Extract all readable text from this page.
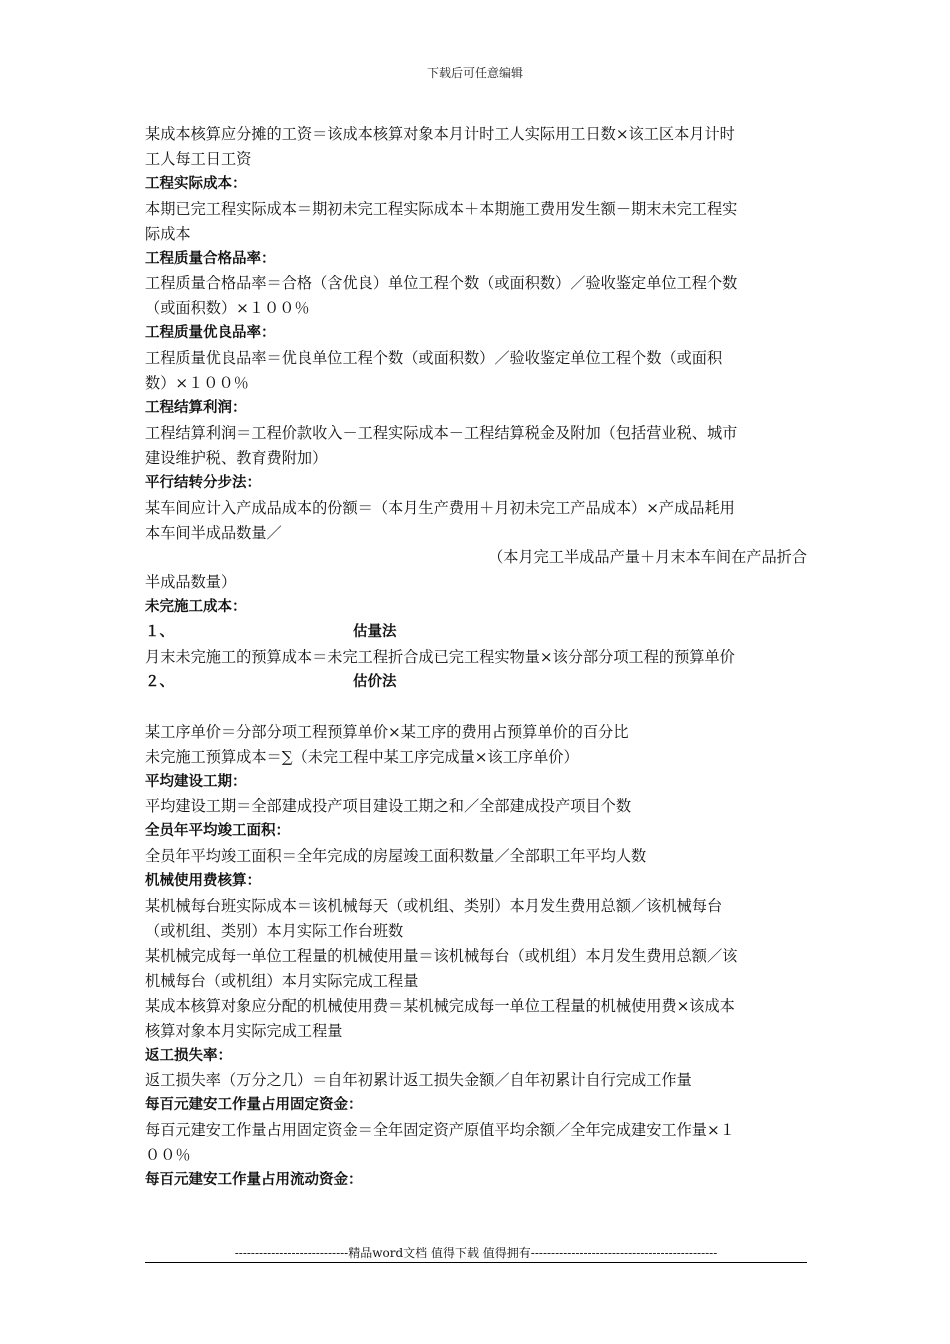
下载后可任意编辑
某成本核算应分摊的工资＝该成本核算对象本月计时工人实际用工日数×该工区本月计时
工人每工日工资
工程实际成本：
本期已完工程实际成本＝期初未完工程实际成本＋本期施工费用发生额－期末未完工程实
际成本
工程质量合格品率：
工程质量合格品率＝合格（含优良）单位工程个数（或面积数）／验收鉴定单位工程个数
（或面积数）×１００％
工程质量优良品率：
工程质量优良品率＝优良单位工程个数（或面积数）／验收鉴定单位工程个数（或面积
数）×１００％
工程结算利润：
工程结算利润＝工程价款收入－工程实际成本－工程结算税金及附加（包括营业税、城市
建设维护税、教育费附加）
平行结转分步法：
某车间应计入产成品成本的份额＝（本月生产费用＋月初未完工产品成本）×产成品耗用
本车间半成品数量／
（本月完工半成品产量＋月末本车间在产品折合
半成品数量）
未完施工成本：
１、	估量法
月末未完施工的预算成本＝未完工程折合成已完工程实物量×该分部分项工程的预算单价
２、	估价法
某工序单价＝分部分项工程预算单价×某工序的费用占预算单价的百分比
未完施工预算成本＝∑（未完工程中某工序完成量×该工序单价）
平均建设工期：
平均建设工期＝全部建成投产项目建设工期之和／全部建成投产项目个数
全员年平均竣工面积：
全员年平均竣工面积＝全年完成的房屋竣工面积数量／全部职工年平均人数
机械使用费核算：
某机械每台班实际成本＝该机械每天（或机组、类别）本月发生费用总额／该机械每台
（或机组、类别）本月实际工作台班数
某机械完成每一单位工程量的机械使用量＝该机械每台（或机组）本月发生费用总额／该
机械每台（或机组）本月实际完成工程量
某成本核算对象应分配的机械使用费＝某机械完成每一单位工程量的机械使用费×该成本
核算对象本月实际完成工程量
返工损失率：
返工损失率（万分之几）＝自年初累计返工损失金额／自年初累计自行完成工作量
每百元建安工作量占用固定资金：
每百元建安工作量占用固定资金＝全年固定资产原值平均余额／全年完成建安工作量×１
００％
每百元建安工作量占用流动资金：
----------------------------精品word文档 值得下载 值得拥有----------------------------------------------
